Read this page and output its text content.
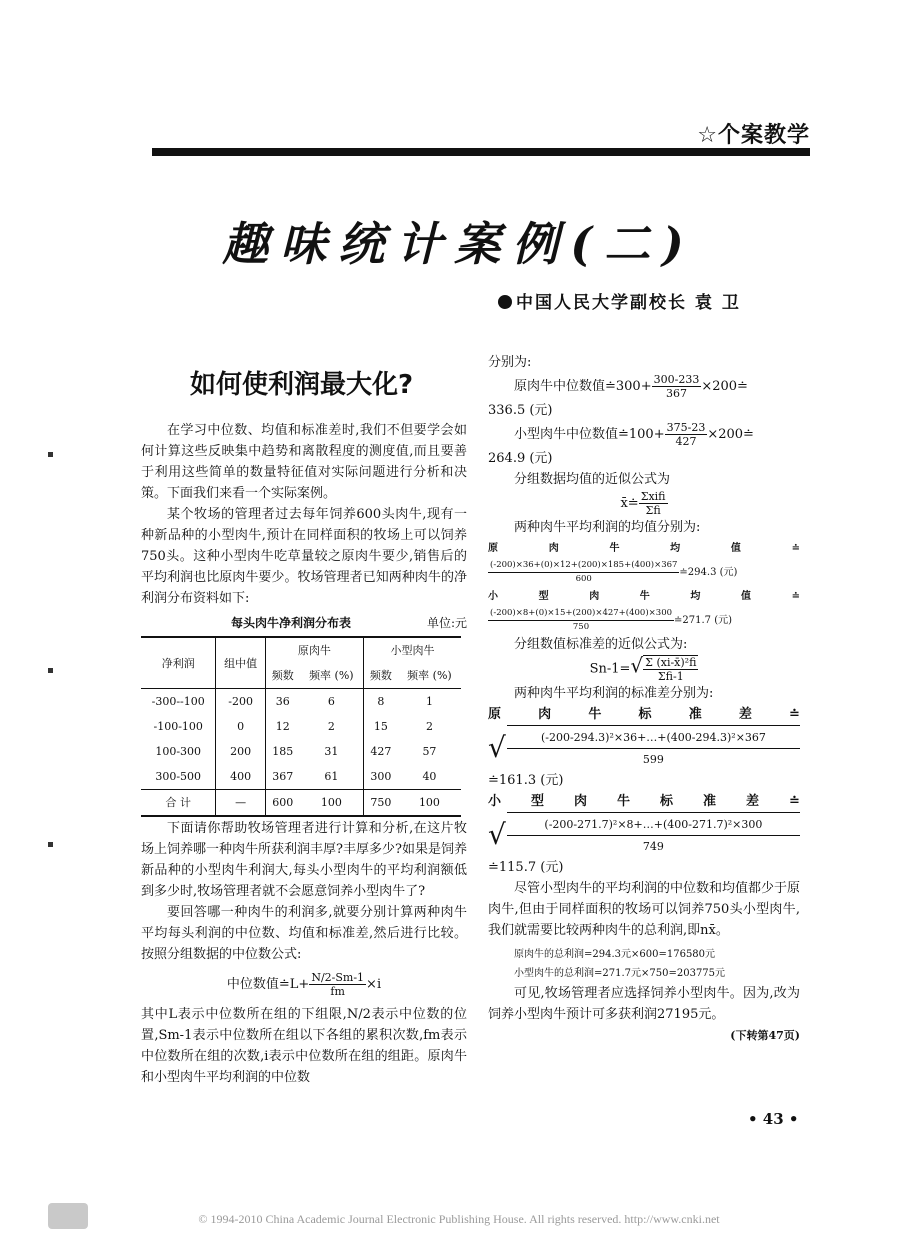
☆个案教学
趣味统计案例(二)
中国人民大学副校长 袁 卫
如何使利润最大化?

在学习中位数、均值和标准差时,我们不但要学会如何计算这些反映集中趋势和离散程度的测度值,而且要善于利用这些简单的数量特征值对实际问题进行分析和决策。下面我们来看一个实际案例。

某个牧场的管理者过去每年饲养600头肉牛,现有一种新品种的小型肉牛,预计在同样面积的牧场上可以饲养750头。这种小型肉牛吃草量较之原肉牛要少,销售后的平均利润也比原肉牛要少。牧场管理者已知两种肉牛的净利润分布资料如下:

每头肉牛净利润分布表	单位:元
净利润	组中值	原肉牛		小型肉牛	
		频数	频率 (%)	频数	频率 (%)
-300--100	-200	36	6	8	1
-100-100	0	12	2	15	2
100-300	200	185	31	427	57
300-500	400	367	61	300	40
合 计	—	600	100	750	100

下面请你帮助牧场管理者进行计算和分析,在这片牧场上饲养哪一种肉牛所获利润丰厚?丰厚多少?如果是饲养新品种的小型肉牛利润大,每头小型肉牛的平均利润额低到多少时,牧场管理者就不会愿意饲养小型肉牛了?

要回答哪一种肉牛的利润多,就要分别计算两种肉牛平均每头利润的中位数、均值和标准差,然后进行比较。按照分组数据的中位数公式:

中位数值≐L+ $\frac{N/2-Sm-1}{fm} \times i$

其中L表示中位数所在组的下组限,N/2表示中位数的位置,Sm-1表示中位数所在组以下各组的累积次数,fm表示中位数所在组的次数,i表示中位数所在组的组距。原肉牛和小型肉牛平均利润的中位数

分别为:

原肉牛中位数值≐300+ $\frac{300-233}{367}$ ×200≐

336.5 (元)

小型肉牛中位数值≐100+ $\frac{375-23}{427}$ ×200≐

264.9 (元)

分组数据均值的近似公式为

x̄≐ $\frac{\text{Σxifi}}{\text{Σfi}}$

两种肉牛平均利润的均值分别为:

原	肉	牛	均	值	≐
$\frac{(-200)\times 36+(0)\times 12+(200)\times 185+(400)\times 367}{600}$ ≐294.3 (元)
小	型	肉	牛	均	值	≐
$\frac{(-200)\times 8+(0)\times 15+(200)\times 427+(400)\times 300}{750}$ ≐271.7 (元)

分组数值标准差的近似公式为:

$Sn-1=√ \frac{\text{Σ (xi-x̄)²fi}}{\text{Σfi-1}}$

两种肉牛平均利润的标准差分别为:

原	肉	牛	标	准	差	≐
√ $\frac{\text{(-200-294.3)²×36+…+(400-294.3)²×367}}{599}$

≐161.3 (元)

小 型 肉 牛 标 准 差 ≐
√ $\frac{\text{(-200-271.7)²×8+…+(400-271.7)²×300}}{749}$

≐115.7 (元)

尽管小型肉牛的平均利润的中位数和均值都少于原肉牛,但由于同样面积的牧场可以饲养750头小型肉牛,我们就需要比较两种肉牛的总利润,即nx̄。

原肉牛的总利润=294.3元×600=176580元
小型肉牛的总利润=271.7元×750=203775元

可见,牧场管理者应选择饲养小型肉牛。因为,改为饲养小型肉牛预计可多获利润27195元。

(下转第47页)
• 43 •
© 1994-2010 China Academic Journal Electronic Publishing House. All rights reserved. http://www.cnki.net
